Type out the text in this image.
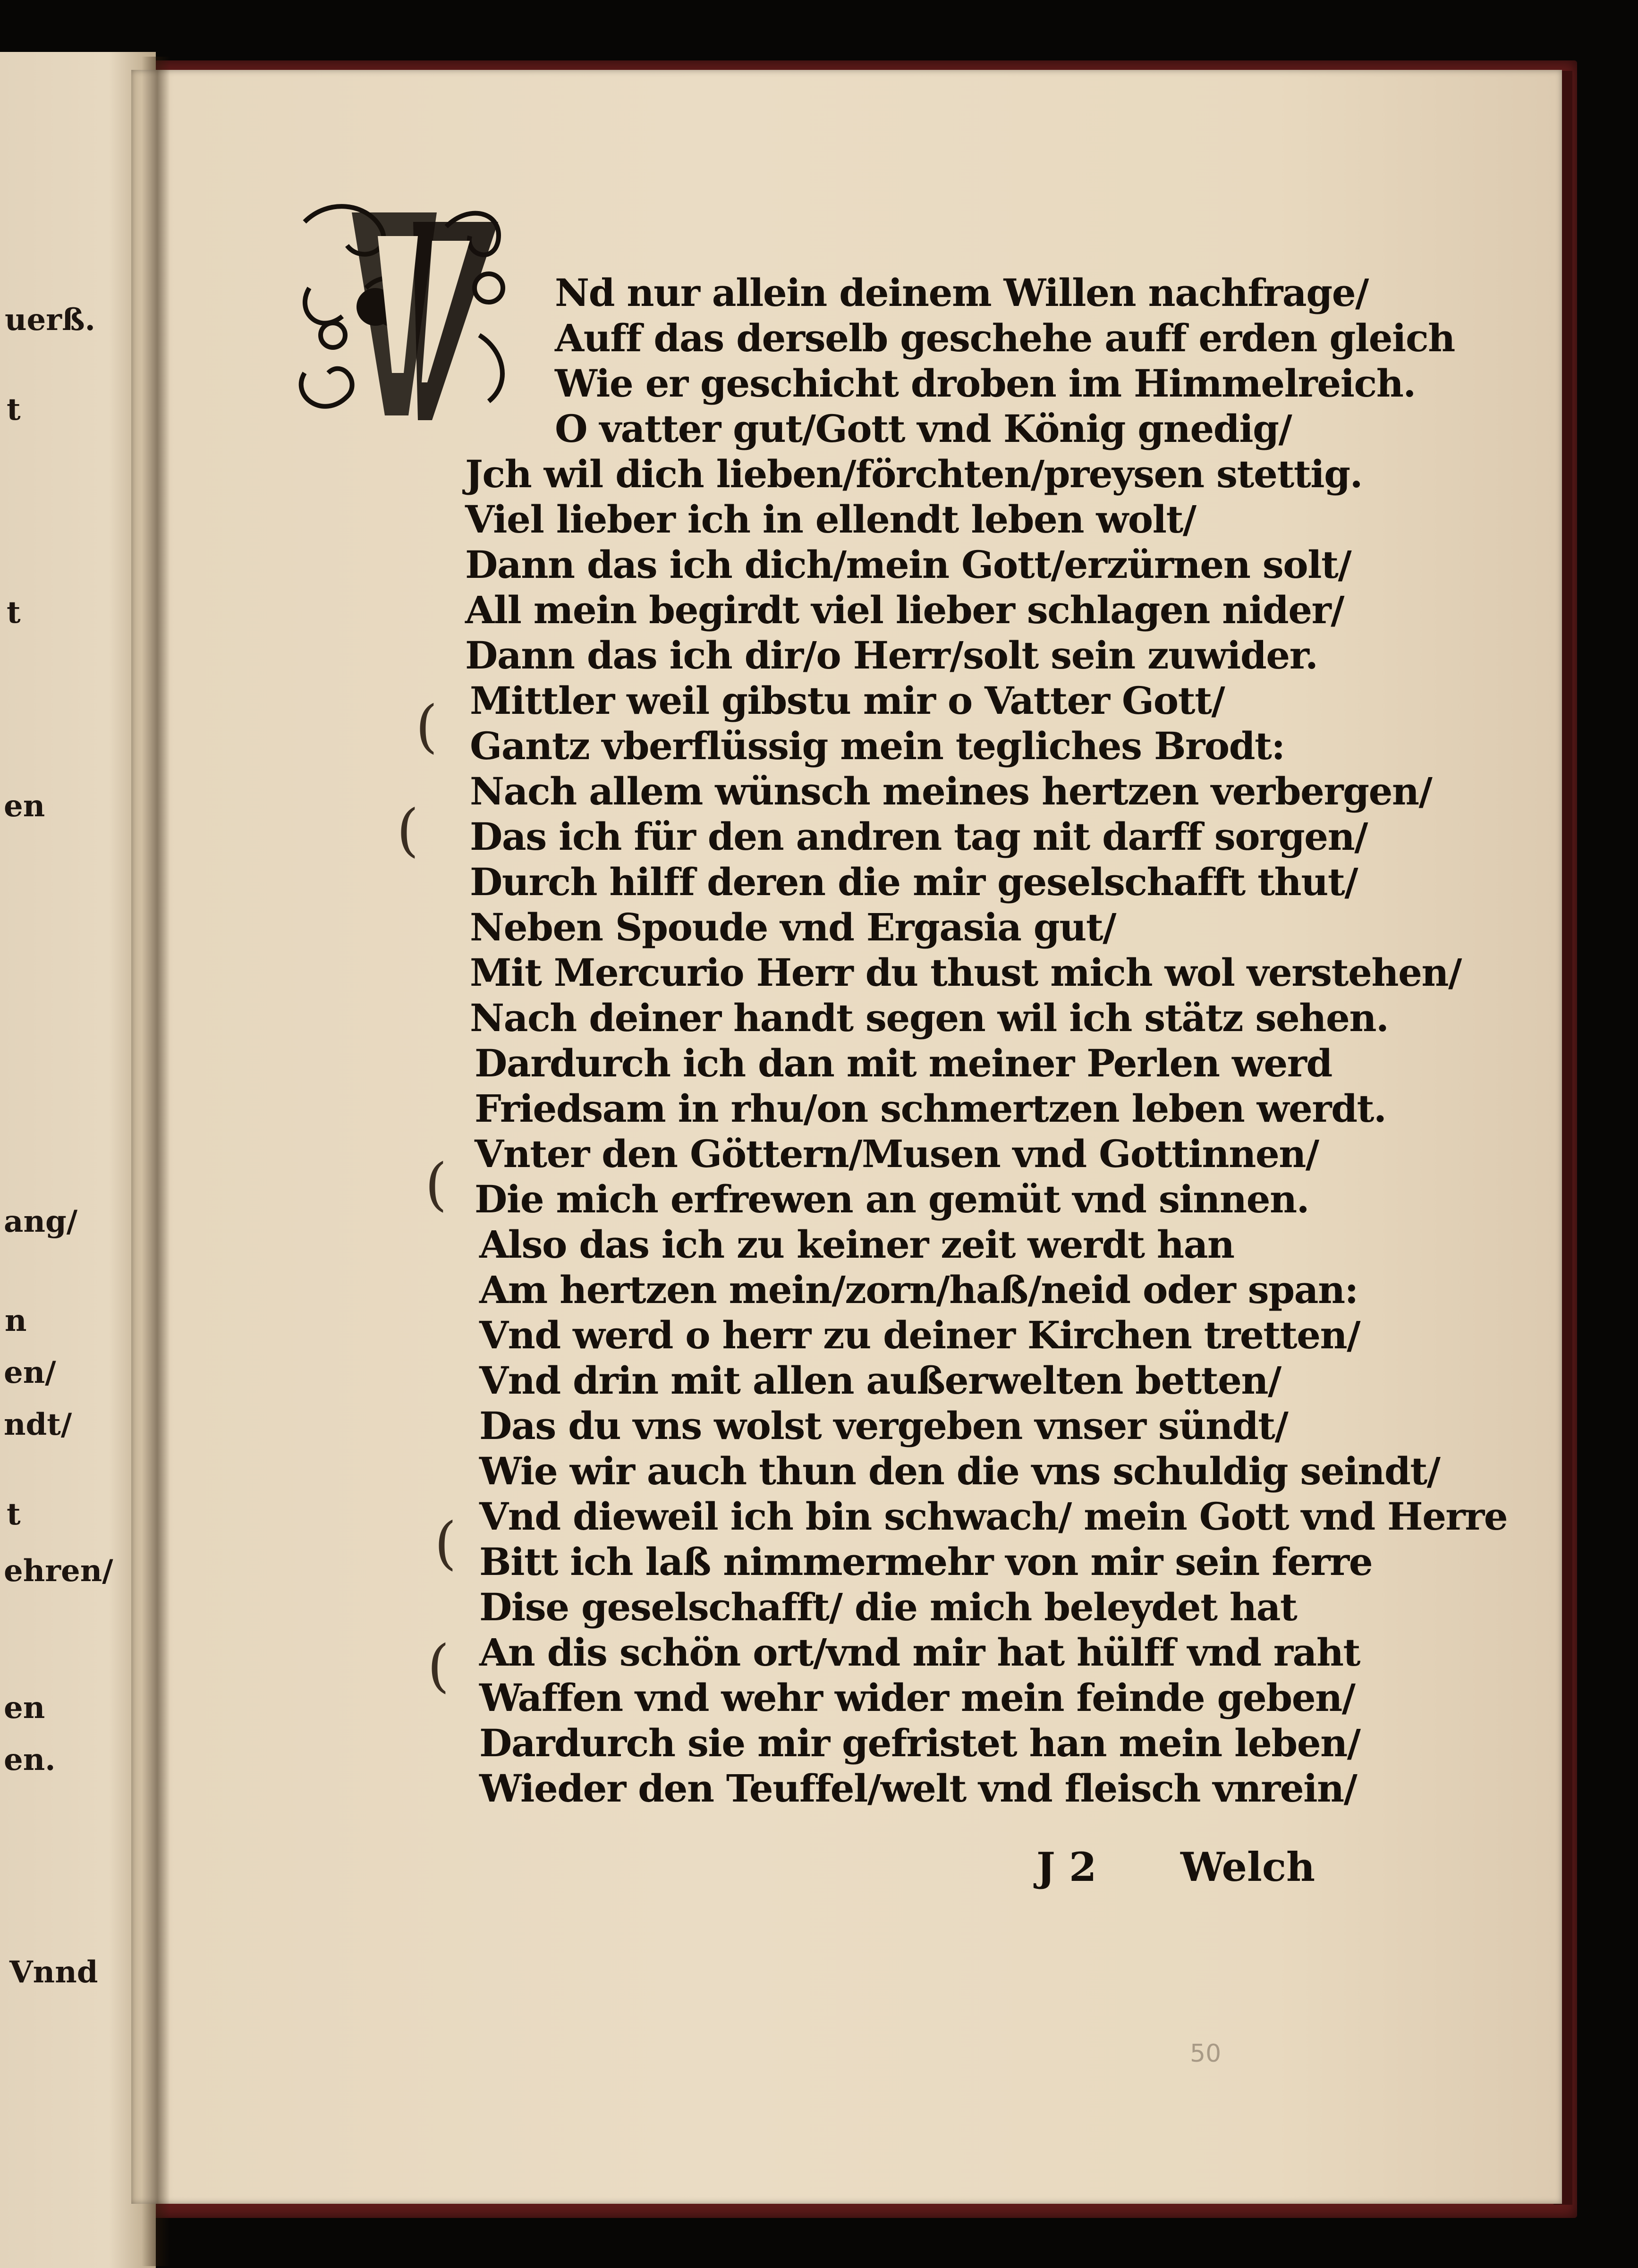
uerß.
t
t
en
ang/
n
en/
ndt/
t
ehren/
en
en.
Vnnd
Nd nur allein deinem Willen nachfrage/
Auff das derselb geschehe auff erden gleich
Wie er geschicht droben im Himmelreich.
O vatter gut/Gott vnd König gnedig/
Jch wil dich lieben/förchten/preysen stettig.
Viel lieber ich in ellendt leben wolt/
Dann das ich dich/mein Gott/erzürnen solt/
All mein begirdt viel lieber schlagen nider/
Dann das ich dir/o Herr/solt sein zuwider.
Mittler weil gibstu mir o Vatter Gott/
Gantz vberflüssig mein tegliches Brodt:
Nach allem wünsch meines hertzen verbergen/
Das ich für den andren tag nit darff sorgen/
Durch hilff deren die mir geselschafft thut/
Neben Spoude vnd Ergasia gut/
Mit Mercurio Herr du thust mich wol verstehen/
Nach deiner handt segen wil ich stätz sehen.
Dardurch ich dan mit meiner Perlen werd
Friedsam in rhu/on schmertzen leben werdt.
Vnter den Göttern/Musen vnd Gottinnen/
Die mich erfrewen an gemüt vnd sinnen.
Also das ich zu keiner zeit werdt han
Am hertzen mein/zorn/haß/neid oder span:
Vnd werd o herr zu deiner Kirchen tretten/
Vnd drin mit allen außerwelten betten/
Das du vns wolst vergeben vnser sündt/
Wie wir auch thun den die vns schuldig seindt/
Vnd dieweil ich bin schwach/ mein Gott vnd Herre
Bitt ich laß nimmermehr von mir sein ferre
Dise geselschafft/ die mich beleydet hat
An dis schön ort/vnd mir hat hülff vnd raht
Waffen vnd wehr wider mein feinde geben/
Dardurch sie mir gefristet han mein leben/
Wieder den Teuffel/welt vnd fleisch vnrein/
(
(
(
(
(
J 2 Welch
50
